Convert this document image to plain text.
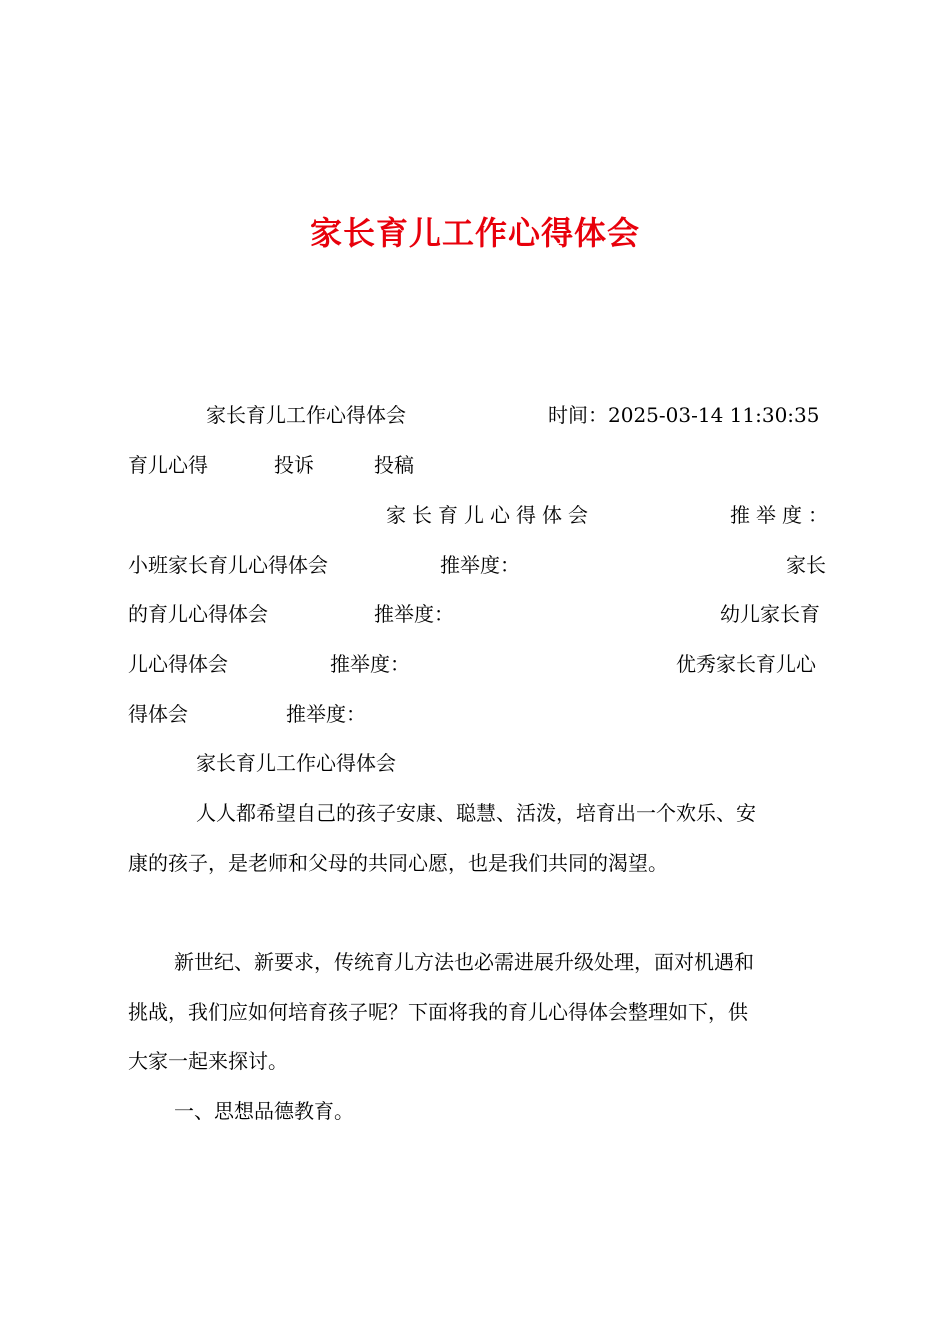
家长育儿工作心得体会
家长育儿工作心得体会	时间：2025-03-14 11:30:35
育儿心得	投诉	投稿
家长育儿心得体会	推举度：
小班家长育儿心得体会	推举度：	家长
的育儿心得体会	推举度：	幼儿家长育
儿心得体会	推举度：	优秀家长育儿心
得体会	推举度：
家长育儿工作心得体会
人人都希望自己的孩子安康、聪慧、活泼，培育出一个欢乐、安
康的孩子，是老师和父母的共同心愿，也是我们共同的渴望。
新世纪、新要求，传统育儿方法也必需进展升级处理，面对机遇和
挑战，我们应如何培育孩子呢？下面将我的育儿心得体会整理如下，供
大家一起来探讨。
一、思想品德教育。
